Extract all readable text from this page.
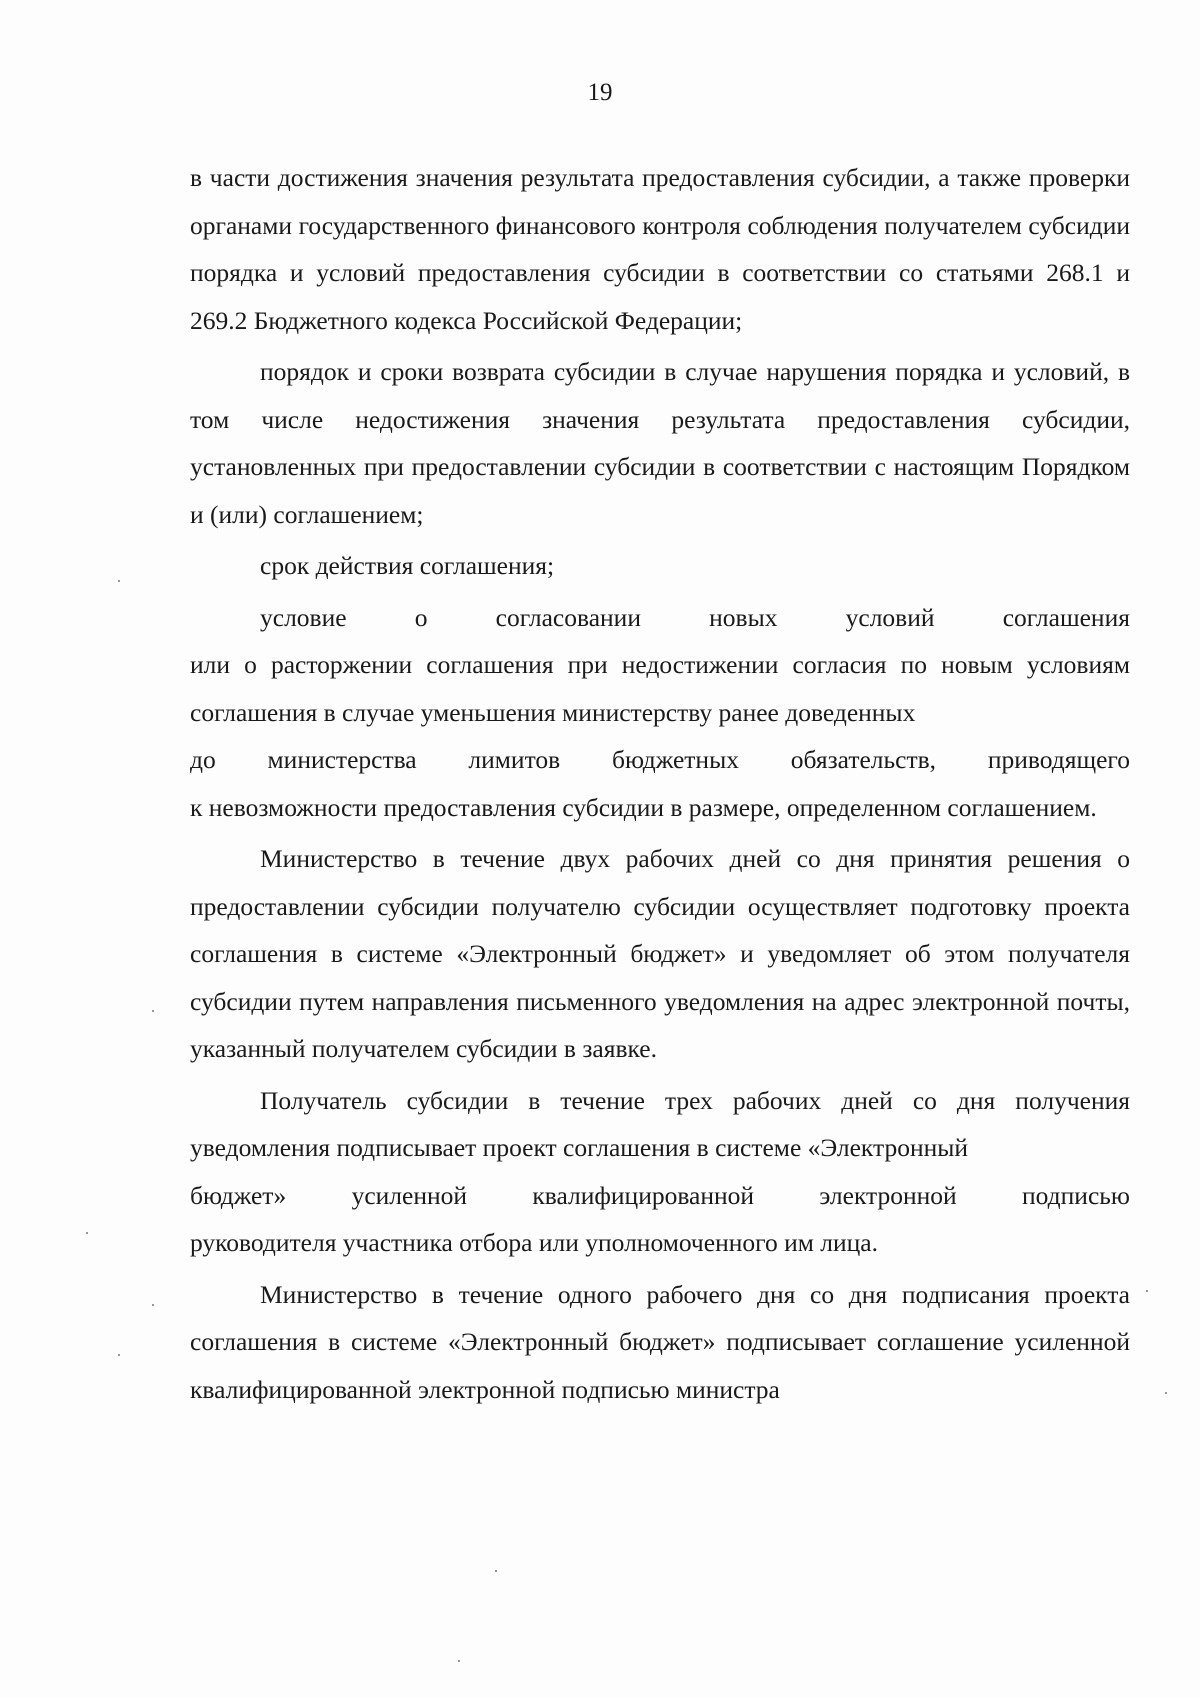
19

в части достижения значения результата предоставления субсидии, а также проверки органами государственного финансового контроля соблюдения получателем субсидии порядка и условий предоставления субсидии в соответствии со статьями 268.1 и 269.2 Бюджетного кодекса Российской Федерации;

порядок и сроки возврата субсидии в случае нарушения порядка и условий, в том числе недостижения значения результата предоставления субсидии, установленных при предоставлении субсидии в соответствии с настоящим Порядком и (или) соглашением;

срок действия соглашения;

условие	о	согласовании	новых	условий	соглашения

или о расторжении соглашения при недостижении согласия по новым условиям соглашения в случае уменьшения министерству ранее доведенных

до министерства лимитов бюджетных обязательств, приводящего

к невозможности предоставления субсидии в размере, определенном соглашением.

Министерство в течение двух рабочих дней со дня принятия решения о предоставлении субсидии получателю субсидии осуществляет подготовку проекта соглашения в системе «Электронный бюджет» и уведомляет об этом получателя субсидии путем направления письменного уведомления на адрес электронной почты, указанный получателем субсидии в заявке.

Получатель субсидии в течение трех рабочих дней со дня получения уведомления подписывает проект соглашения в системе «Электронный

бюджет»	усиленной	квалифицированной	электронной	подписью

руководителя участника отбора или уполномоченного им лица.

Министерство в течение одного рабочего дня со дня подписания проекта соглашения в системе «Электронный бюджет» подписывает соглашение усиленной квалифицированной электронной подписью министра
